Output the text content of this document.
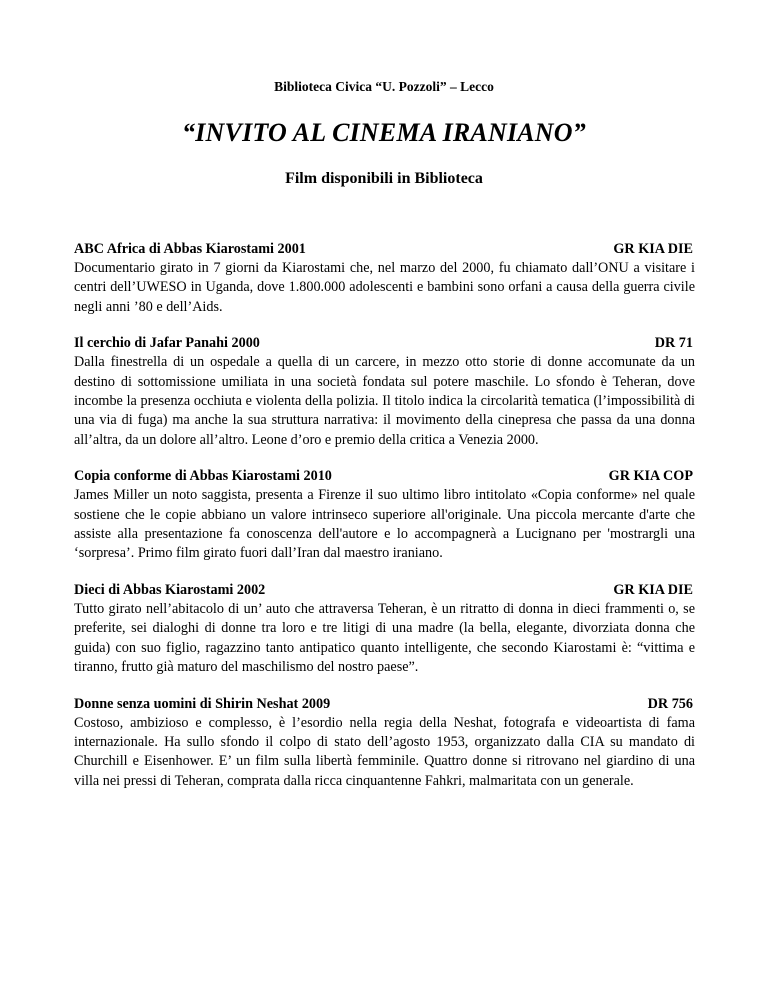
Biblioteca Civica “U. Pozzoli” – Lecco
“INVITO AL CINEMA IRANIANO”
Film disponibili in Biblioteca
ABC Africa di Abbas Kiarostami 2001	GR KIA DIE
Documentario girato in 7 giorni da Kiarostami che, nel marzo del 2000, fu chiamato dall’ONU a visitare i centri dell’UWESO in Uganda, dove 1.800.000 adolescenti e bambini sono orfani a causa della guerra civile negli anni ’80 e dell’Aids.
Il cerchio di Jafar Panahi 2000	DR 71
Dalla finestrella di un ospedale a quella di un carcere, in mezzo otto storie di donne accomunate da un destino di sottomissione umiliata in una società fondata sul potere maschile. Lo sfondo è Teheran, dove incombe la presenza occhiuta e violenta della polizia. Il titolo indica la circolarità tematica (l’impossibilità di una via di fuga) ma anche la sua struttura narrativa: il movimento della cinepresa che passa da una donna all’altra, da un dolore all’altro. Leone d’oro e premio della critica a Venezia 2000.
Copia conforme di Abbas Kiarostami 2010	GR KIA COP
James Miller un noto saggista, presenta a Firenze il suo ultimo libro intitolato «Copia conforme» nel quale sostiene che le copie abbiano un valore intrinseco superiore all'originale. Una piccola mercante d'arte che assiste alla presentazione fa conoscenza dell'autore e lo accompagnerà a Lucignano per 'mostrargli una ‘sorpresa’. Primo film girato fuori dall’Iran dal maestro iraniano.
Dieci di Abbas Kiarostami 2002	GR KIA DIE
Tutto girato nell’abitacolo di un’ auto che attraversa Teheran, è un ritratto di donna in dieci frammenti o, se preferite, sei dialoghi di donne tra loro e tre litigi di una madre (la bella, elegante, divorziata donna che guida) con suo figlio, ragazzino tanto antipatico quanto intelligente, che secondo Kiarostami è: “vittima e tiranno, frutto già maturo del maschilismo del nostro paese”.
Donne senza uomini di Shirin Neshat 2009	DR 756
Costoso, ambizioso e complesso, è l’esordio nella regia della Neshat, fotografa e videoartista di fama internazionale. Ha sullo sfondo il colpo di stato dell’agosto 1953, organizzato dalla CIA su mandato di Churchill e Eisenhower. E’ un film sulla libertà femminile. Quattro donne si ritrovano nel giardino di una villa nei pressi di Teheran, comprata dalla ricca cinquantenne Fahkri, malmaritata con un generale.
